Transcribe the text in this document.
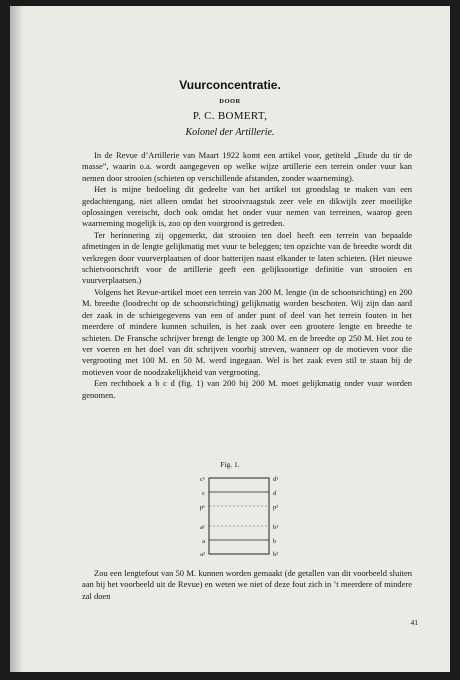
Vuurconcentratie.
DOOR
P. C. BOMERT,
Kolonel der Artillerie.

In de Revue d’Artillerie van Maart 1922 komt een artikel voor, getiteld „Etude du tir de masse”, waarin o.a. wordt aangegeven op welke wijze artillerie een terrein onder vuur kan nemen door strooien (schieten op verschillende afstanden, zonder waarneming).

Het is mijne bedoeling dit gedeelte van het artikel tot grondslag te maken van een gedachtengang, niet alleen omdat het strooivraagstuk zeer vele en dikwijls zeer moeilijke oplossingen vereischt, doch ook omdat het onder vuur nemen van terreinen, waarop geen waarneming mogelijk is, zoo op den voorgrond is getreden.

Ter herinnering zij opgemerkt, dat strooien ten doel heeft een terrein van bepaalde afmetingen in de lengte gelijkmatig met vuur te beleggen; ten opzichte van de breedte wordt dit verkregen door vuurverplaatsen of door batterijen naast elkander te laten schieten. (Het nieuwe schietvoorschrift voor de artillerie geeft een gelijksoortige definitie van strooien en vuurverplaatsen.)

Volgens het Revue-artikel moet een terrein van 200 M. lengte (in de schootsrichting) en 200 M. breedte (loodrecht op de schootsrichting) gelijkmatig worden beschoten. Wij zijn dan aard der zaak in de schietgegevens van een of ander punt of deel van het terrein fouten in het meerdere of mindere kunnen schuilen, is het zaak over een grootere lengte en breedte te schieten. De Fransche schrijver brengt de lengte op 300 M. en de breedte op 250 M. Het zou te ver voeren en het doel van dit schrijven voorbij streven, wanneer op de motieven voor die vergrooting met 100 M. en 50 M. werd ingegaan. Wel is het zaak even stil te staan bij de motieven voor de noodzakelijkheid van vergrooting.

Een rechthoek a b c d (fig. 1) van 200 bij 200 M. moet gelijkmatig onder vuur worden genomen.

Fig. 1.
c¹
c
p¹
a¹
a
a²
d¹
d
p²
b¹
b
b²

Zou een lengtefout van 50 M. kunnen worden gemaakt (de getallen van dit voorbeeld sluiten aan bij het voorbeeld uit de Revue) en weten we niet of deze fout zich in ’t meerdere of mindere zal doen

41
